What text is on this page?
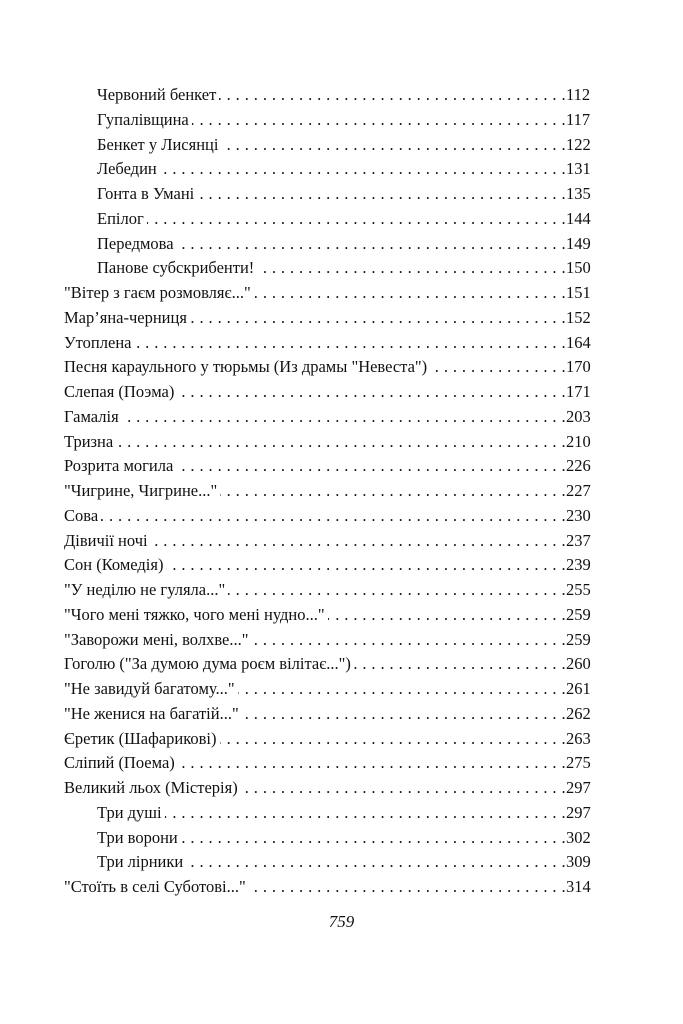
. . .
Червоний бенкет	112
. . .
Гупалівщина	117
. . .
Бенкет у Лисянці	122
. . .
Лебедин	131
. . .
Гонта в Умані	135
. . .
Епілог	144
. . .
Передмова	149
. . .
Панове субскрибенти!	150
. . .
"Вітер з гаєм розмовляє..."	151
. . .
Мар’яна-черниця	152
. . .
Утоплена	164
. . .
Песня караульного у тюрьмы (Из драмы "Невеста")	170
. . .
Слепая (Поэма)	171
. . .
Гамалія	203
. . .
Тризна	210
. . .
Розрита могила	226
. . .
"Чигрине, Чигрине..."	227
. . .
Сова	230
. . .
Дівичії ночі	237
. . .
Сон (Комедія)	239
. . .
"У неділю не гуляла..."	255
. . .
"Чого мені тяжко, чого мені нудно..."	259
. . .
"Заворожи мені, волхве..."	259
. . .
Гоголю ("За думою дума роєм вілітає...")	260
. . .
"Не завидуй багатому..."	261
. . .
"Не женися на багатій..."	262
. . .
Єретик (Шафарикові)	263
. . .
Сліпий (Поема)	275
. . .
Великий льох (Містерія)	297
. . .
Три душі	297
. . .
Три ворони	302
. . .
Три лірники	309
. . .
"Стоїть в селі Суботові..."	314
759
